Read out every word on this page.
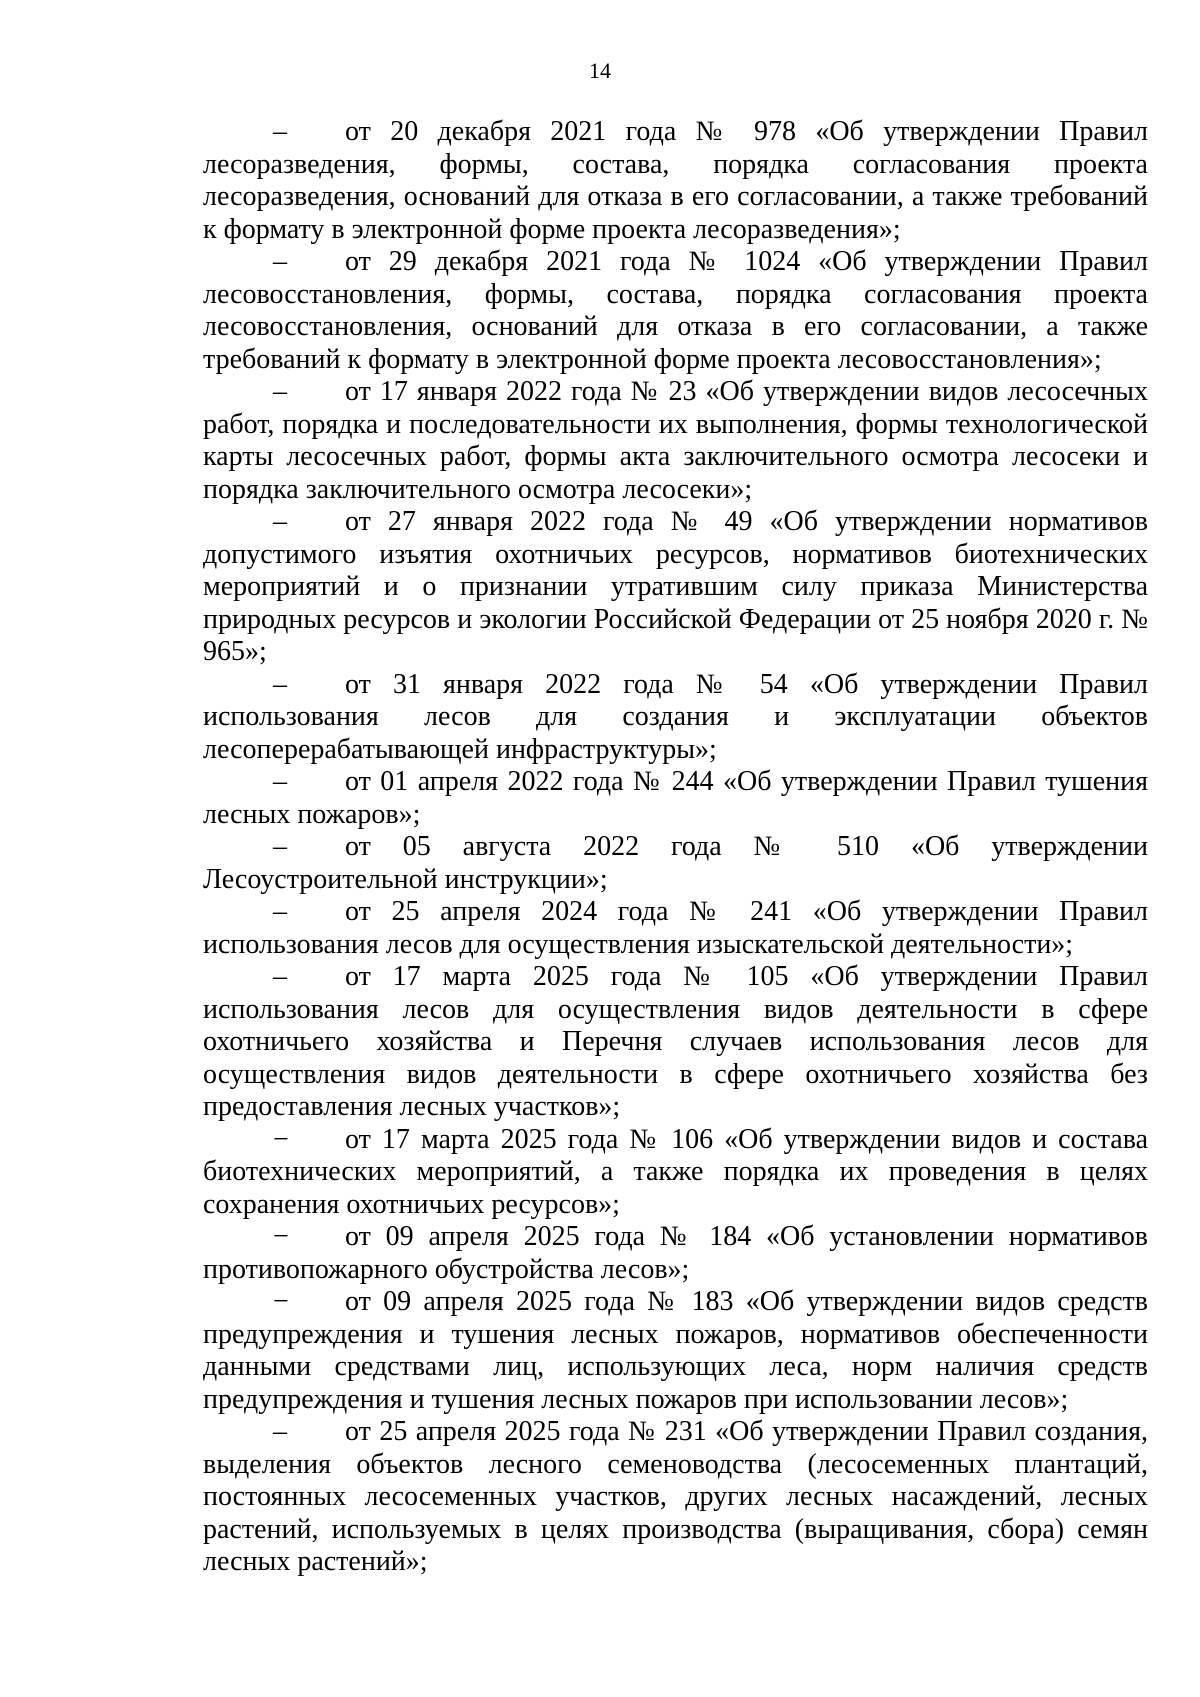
14

– от 20 декабря 2021 года № 978 «Об утверждении Правил лесоразведения, формы, состава, порядка согласования проекта лесоразведения, оснований для отказа в его согласовании, а также требований к формату в электронной форме проекта лесоразведения»;

– от 29 декабря 2021 года № 1024 «Об утверждении Правил лесовосстановления, формы, состава, порядка согласования проекта лесовосстановления, оснований для отказа в его согласовании, а также требований к формату в электронной форме проекта лесовосстановления»;

– от 17 января 2022 года № 23 «Об утверждении видов лесосечных работ, порядка и последовательности их выполнения, формы технологической карты лесосечных работ, формы акта заключительного осмотра лесосеки и порядка заключительного осмотра лесосеки»;

– от 27 января 2022 года № 49 «Об утверждении нормативов допустимого изъятия охотничьих ресурсов, нормативов биотехнических мероприятий и о признании утратившим силу приказа Министерства природных ресурсов и экологии Российской Федерации от 25 ноября 2020 г. № 965»;

– от 31 января 2022 года № 54 «Об утверждении Правил использования лесов для создания и эксплуатации объектов лесоперерабатывающей инфраструктуры»;

– от 01 апреля 2022 года № 244 «Об утверждении Правил тушения лесных пожаров»;

– от 05 августа 2022 года № 510 «Об утверждении Лесоустроительной инструкции»;

– от 25 апреля 2024 года № 241 «Об утверждении Правил использования лесов для осуществления изыскательской деятельности»;

– от 17 марта 2025 года № 105 «Об утверждении Правил использования лесов для осуществления видов деятельности в сфере охотничьего хозяйства и Перечня случаев использования лесов для осуществления видов деятельности в сфере охотничьего хозяйства без предоставления лесных участков»;

− от 17 марта 2025 года № 106 «Об утверждении видов и состава биотехнических мероприятий, а также порядка их проведения в целях сохранения охотничьих ресурсов»;

− от 09 апреля 2025 года № 184 «Об установлении нормативов противопожарного обустройства лесов»;

− от 09 апреля 2025 года № 183 «Об утверждении видов средств предупреждения и тушения лесных пожаров, нормативов обеспеченности данными средствами лиц, использующих леса, норм наличия средств предупреждения и тушения лесных пожаров при использовании лесов»;

– от 25 апреля 2025 года № 231 «Об утверждении Правил создания, выделения объектов лесного семеноводства (лесосеменных плантаций, постоянных лесосеменных участков, других лесных насаждений, лесных растений, используемых в целях производства (выращивания, сбора) семян лесных растений»;
